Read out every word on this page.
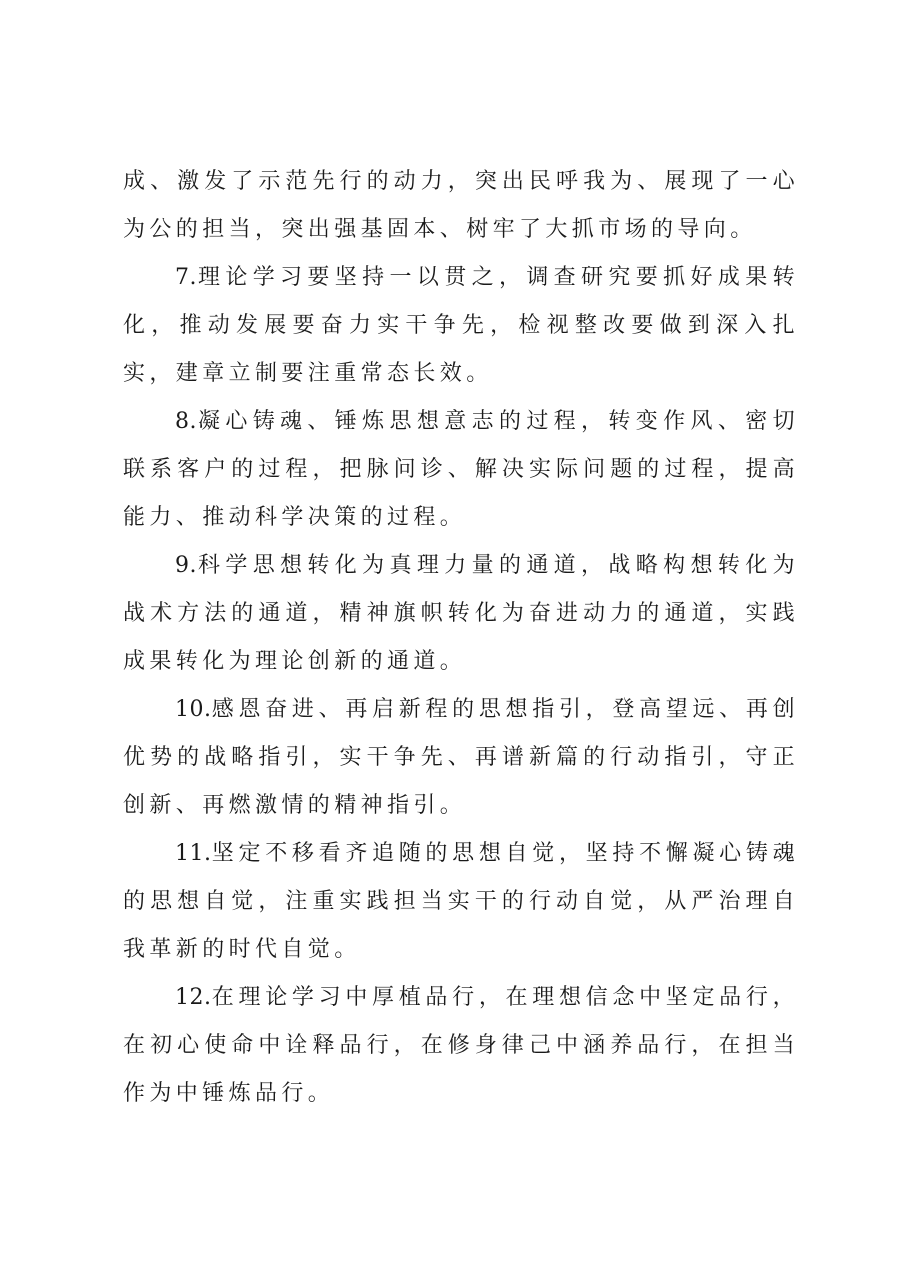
成、激发了示范先行的动力，突出民呼我为、展现了一心为公的担当，突出强基固本、树牢了大抓市场的导向。

7.理论学习要坚持一以贯之，调查研究要抓好成果转化，推动发展要奋力实干争先，检视整改要做到深入扎实，建章立制要注重常态长效。

8.凝心铸魂、锤炼思想意志的过程，转变作风、密切联系客户的过程，把脉问诊、解决实际问题的过程，提高能力、推动科学决策的过程。

9.科学思想转化为真理力量的通道，战略构想转化为战术方法的通道，精神旗帜转化为奋进动力的通道，实践成果转化为理论创新的通道。

10.感恩奋进、再启新程的思想指引，登高望远、再创优势的战略指引，实干争先、再谱新篇的行动指引，守正创新、再燃激情的精神指引。

11.坚定不移看齐追随的思想自觉，坚持不懈凝心铸魂的思想自觉，注重实践担当实干的行动自觉，从严治理自我革新的时代自觉。

12.在理论学习中厚植品行，在理想信念中坚定品行，在初心使命中诠释品行，在修身律己中涵养品行，在担当作为中锤炼品行。
